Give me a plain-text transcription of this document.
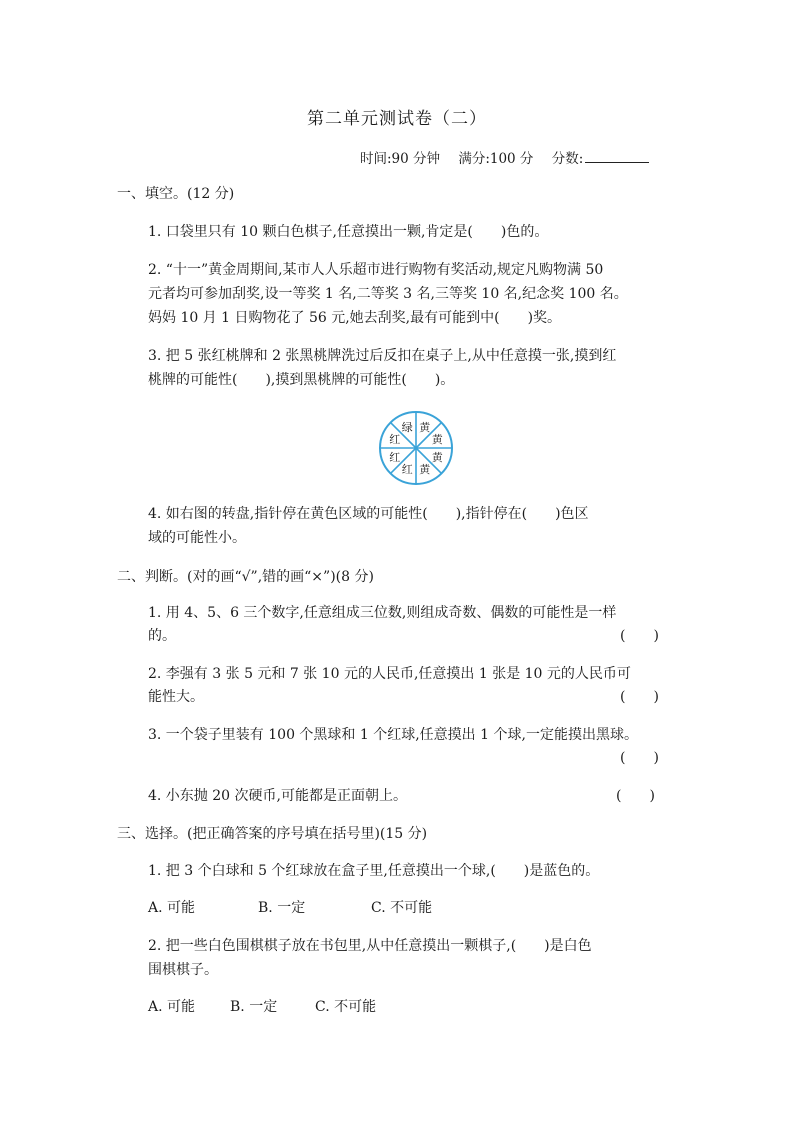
第二单元测试卷（二）
时间:90 分钟 满分:100 分 分数:
一、填空。(12 分)
1. 口袋里只有 10 颗白色棋子,任意摸出一颗,肯定是(　　)色的。
2. “十一”黄金周期间,某市人人乐超市进行购物有奖活动,规定凡购物满 50
元者均可参加刮奖,设一等奖 1 名,二等奖 3 名,三等奖 10 名,纪念奖 100 名。
妈妈 10 月 1 日购物花了 56 元,她去刮奖,最有可能到中(　　)奖。
3. 把 5 张红桃牌和 2 张黑桃牌洗过后反扣在桌子上,从中任意摸一张,摸到红
桃牌的可能性(　　),摸到黑桃牌的可能性(　　)。
黄
黄
黄
黄
红
红
红
绿
4. 如右图的转盘,指针停在黄色区域的可能性(　　),指针停在(　　)色区
域的可能性小。
二、判断。(对的画“√”,错的画“×”)(8 分)
1. 用 4、5、6 三个数字,任意组成三位数,则组成奇数、偶数的可能性是一样
的。	(　　)
2. 李强有 3 张 5 元和 7 张 10 元的人民币,任意摸出 1 张是 10 元的人民币可
能性大。	(　　)
3. 一个袋子里装有 100 个黑球和 1 个红球,任意摸出 1 个球,一定能摸出黑球。
(　　)
4. 小东抛 20 次硬币,可能都是正面朝上。	(　　)
三、选择。(把正确答案的序号填在括号里)(15 分)
1. 把 3 个白球和 5 个红球放在盒子里,任意摸出一个球,(　　)是蓝色的。
A. 可能	B. 一定	C. 不可能
2. 把一些白色围棋棋子放在书包里,从中任意摸出一颗棋子,(　　)是白色
围棋棋子。
A. 可能 B. 一定	C. 不可能
